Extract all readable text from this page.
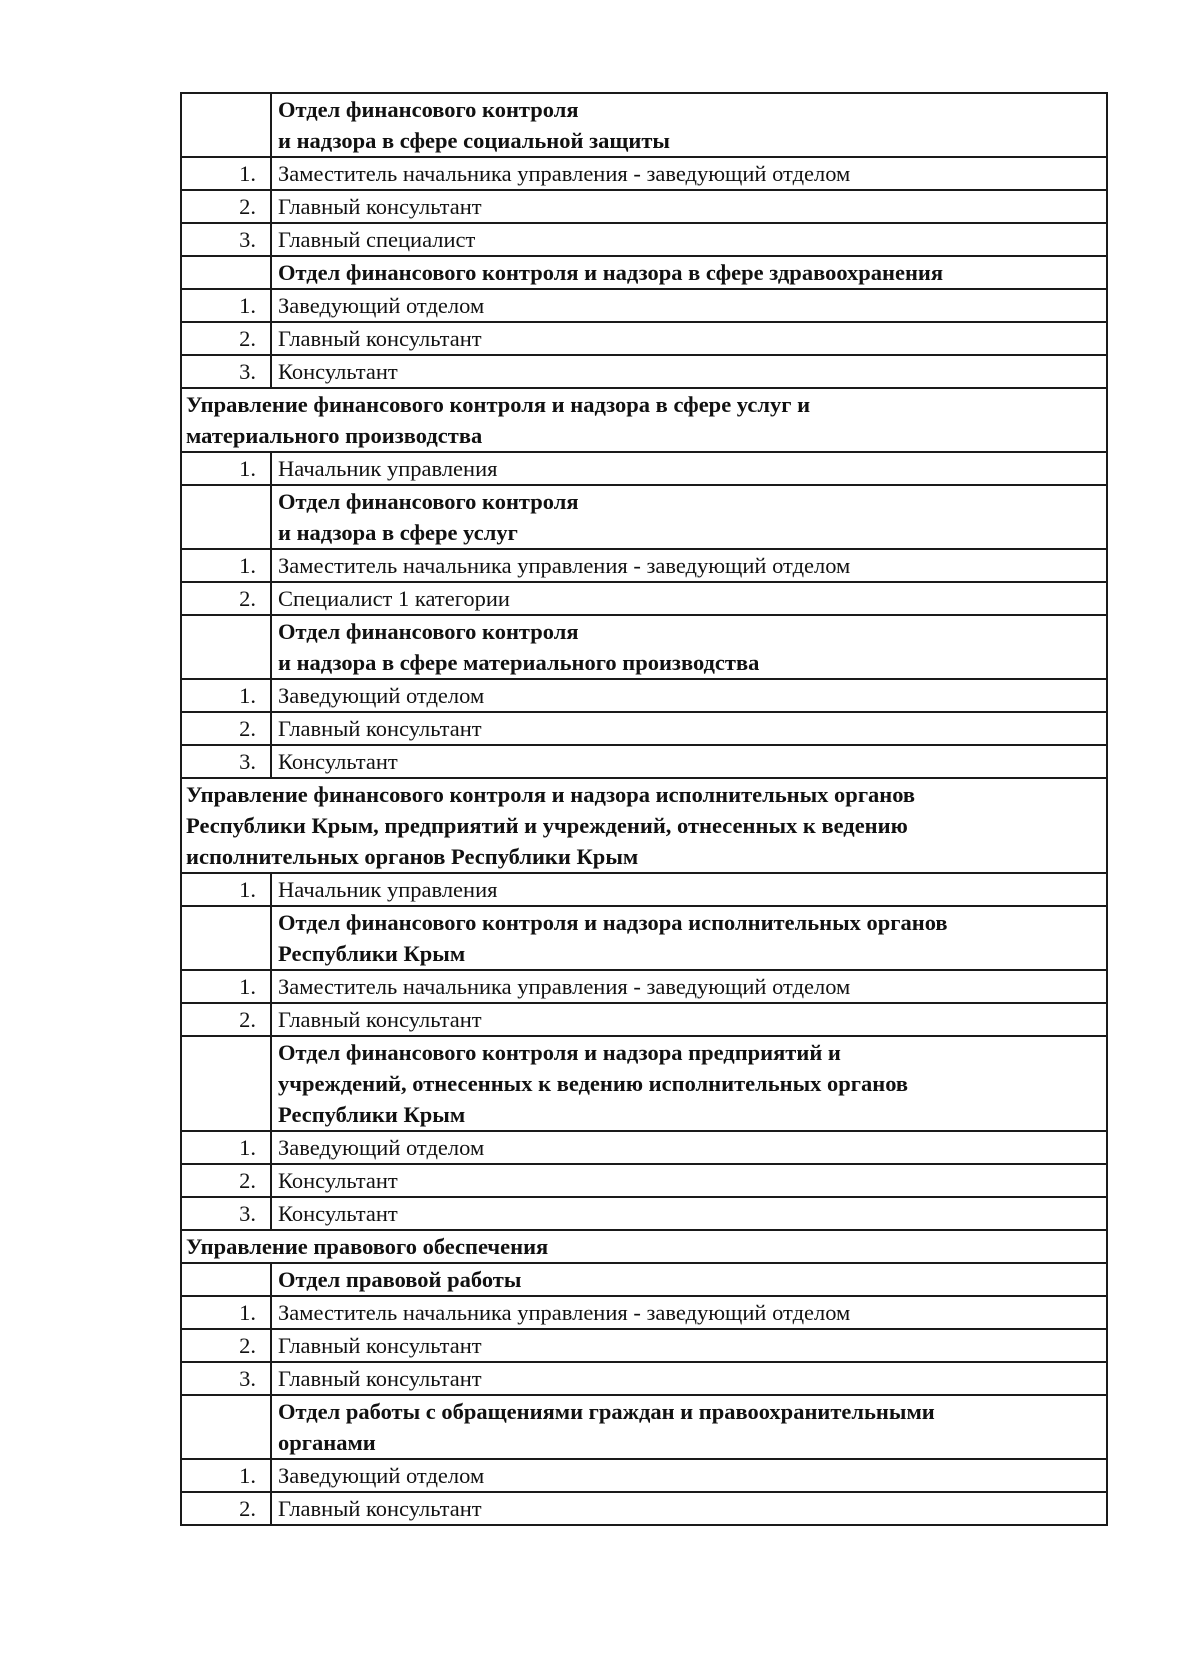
	Отдел финансового контроля
и надзора в сфере социальной защиты
1.	Заместитель начальника управления - заведующий отделом
2.	Главный консультант
3.	Главный специалист
	Отдел финансового контроля и надзора в сфере здравоохранения
1.	Заведующий отделом
2.	Главный консультант
3.	Консультант
Управление финансового контроля и надзора в сфере услуг и
материального производства	
1.	Начальник управления
	Отдел финансового контроля
и надзора в сфере услуг
1.	Заместитель начальника управления - заведующий отделом
2.	Специалист 1 категории
	Отдел финансового контроля
и надзора в сфере материального производства
1.	Заведующий отделом
2.	Главный консультант
3.	Консультант
Управление финансового контроля и надзора исполнительных органов
Республики Крым, предприятий и учреждений, отнесенных к ведению
исполнительных органов Республики Крым	
1.	Начальник управления
	Отдел финансового контроля и надзора исполнительных органов
Республики Крым
1.	Заместитель начальника управления - заведующий отделом
2.	Главный консультант
	Отдел финансового контроля и надзора предприятий и
учреждений, отнесенных к ведению исполнительных органов
Республики Крым
1.	Заведующий отделом
2.	Консультант
3.	Консультант
Управление правового обеспечения	
	Отдел правовой работы
1.	Заместитель начальника управления - заведующий отделом
2.	Главный консультант
3.	Главный консультант
	Отдел работы с обращениями граждан и правоохранительными
органами
1.	Заведующий отделом
2.	Главный консультант
